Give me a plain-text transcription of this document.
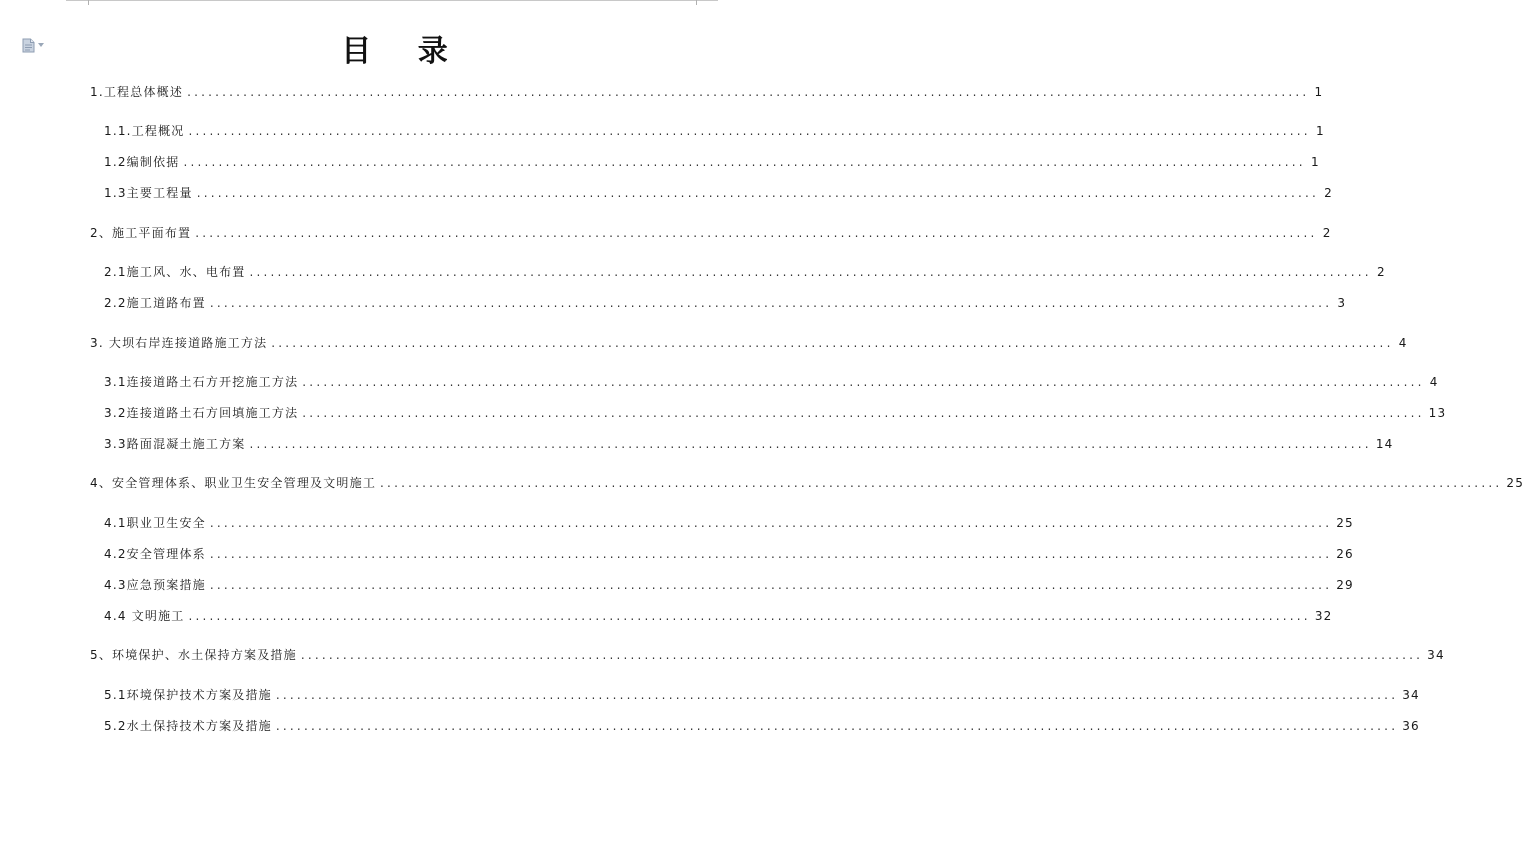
目 录
1.工程总体概述 ................................................................................................................................................................ 1
1.1.工程概况 ................................................................................................................................................................ 1
1.2编制依据 ................................................................................................................................................................ 1
1.3主要工程量 ................................................................................................................................................................ 2
2、施工平面布置 ................................................................................................................................................................ 2
2.1施工风、水、电布置 ................................................................................................................................................................ 2
2.2施工道路布置 ................................................................................................................................................................ 3
3. 大坝右岸连接道路施工方法 ................................................................................................................................................................ 4
3.1连接道路土石方开挖施工方法 ................................................................................................................................................................ 4
3.2连接道路土石方回填施工方法 ................................................................................................................................................................ 13
3.3路面混凝土施工方案 ................................................................................................................................................................ 14
4、安全管理体系、职业卫生安全管理及文明施工 ................................................................................................................................................................ 25
4.1职业卫生安全 ................................................................................................................................................................ 25
4.2安全管理体系 ................................................................................................................................................................ 26
4.3应急预案措施 ................................................................................................................................................................ 29
4.4 文明施工 ................................................................................................................................................................ 32
5、环境保护、水土保持方案及措施 ................................................................................................................................................................ 34
5.1环境保护技术方案及措施 ................................................................................................................................................................ 34
5.2水土保持技术方案及措施 ................................................................................................................................................................ 36
